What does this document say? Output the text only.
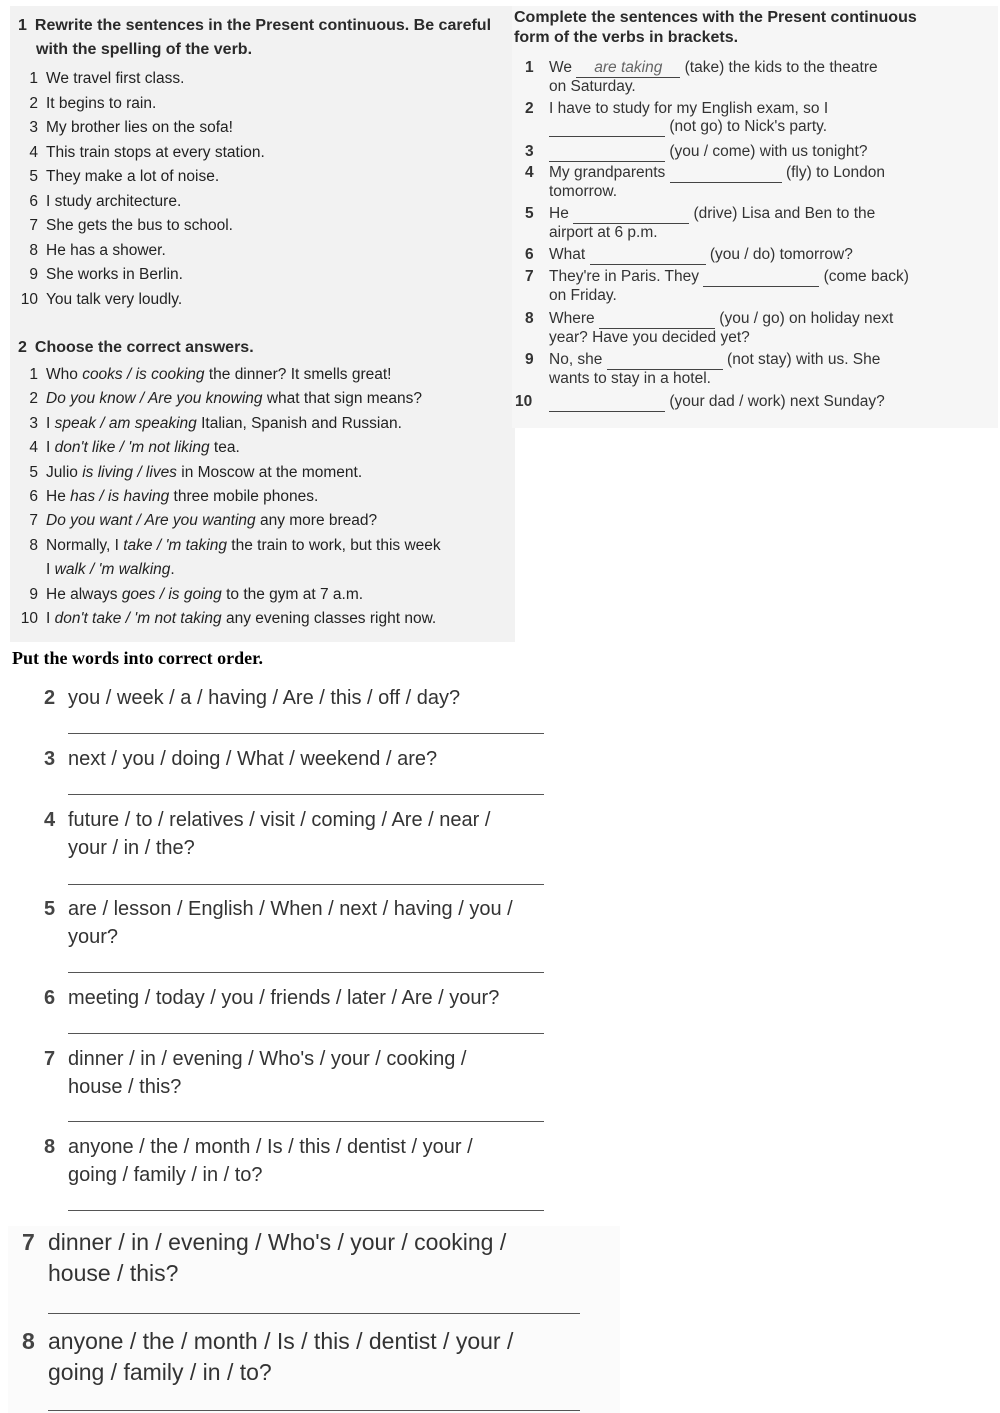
1 Rewrite the sentences in the Present continuous. Be careful
with the spelling of the verb.
1 We travel first class.
2 It begins to rain.
3 My brother lies on the sofa!
4 This train stops at every station.
5 They make a lot of noise.
6 I study architecture.
7 She gets the bus to school.
8 He has a shower.
9 She works in Berlin.
10 You talk very loudly.
2 Choose the correct answers.
1 Who cooks / is cooking the dinner? It smells great!
2 Do you know / Are you knowing what that sign means?
3 I speak / am speaking Italian, Spanish and Russian.
4 I don't like / 'm not liking tea.
5 Julio is living / lives in Moscow at the moment.
6 He has / is having three mobile phones.
7 Do you want / Are you wanting any more bread?
8 Normally, I take / 'm taking the train to work, but this week
I walk / 'm walking.
9 He always goes / is going to the gym at 7 a.m.
10 I don't take / 'm not taking any evening classes right now.
Complete the sentences with the Present continuous
form of the verbs in brackets.
1 We are taking (take) the kids to the theatre
on Saturday.
2 I have to study for my English exam, so I
(not go) to Nick's party.
3	(you / come) with us tonight?
4 My grandparents	(fly) to London
tomorrow.
5 He	(drive) Lisa and Ben to the
airport at 6 p.m.
6 What	(you / do) tomorrow?
7 They're in Paris. They	(come back)
on Friday.
8 Where	(you / go) on holiday next
year? Have you decided yet?
9 No, she	(not stay) with us. She
wants to stay in a hotel.
10	(your dad / work) next Sunday?
Put the words into correct order.
2 you / week / a / having / Are / this / off / day?
3 next / you / doing / What / weekend / are?
4 future / to / relatives / visit / coming / Are / near /
your / in / the?
5 are / lesson / English / When / next / having / you /
your?
6 meeting / today / you / friends / later / Are / your?
7 dinner / in / evening / Who's / your / cooking /
house / this?
8 anyone / the / month / Is / this / dentist / your /
going / family / in / to?
7 dinner / in / evening / Who's / your / cooking /
house / this?
8 anyone / the / month / Is / this / dentist / your /
going / family / in / to?
